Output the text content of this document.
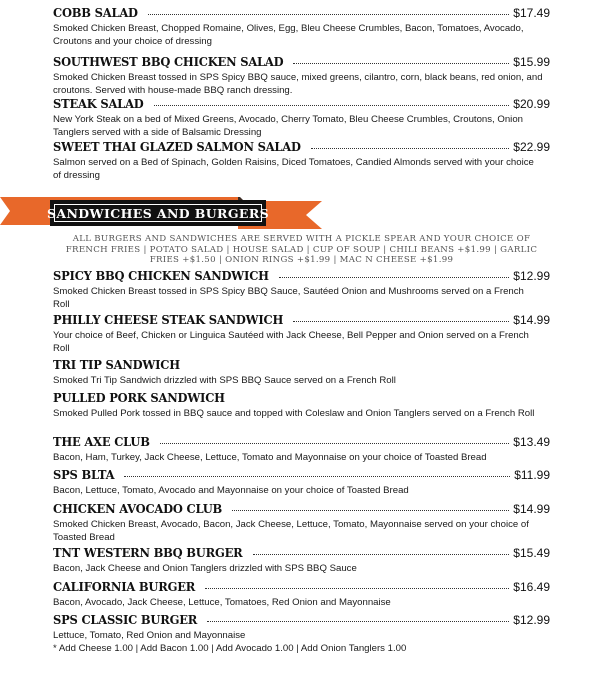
COBB SALAD	$17.49
Smoked Chicken Breast, Chopped Romaine, Olives, Egg, Bleu Cheese Crumbles, Bacon, Tomatoes, Avocado, Croutons and your choice of dressing
SOUTHWEST BBQ CHICKEN SALAD	$15.99
Smoked Chicken Breast tossed in SPS Spicy BBQ sauce, mixed greens, cilantro, corn, black beans, red onion, and croutons. Served with house-made BBQ ranch dressing.
STEAK SALAD	$20.99
New York Steak on a bed of Mixed Greens, Avocado, Cherry Tomato, Bleu Cheese Crumbles, Croutons, Onion Tanglers served with a side of Balsamic Dressing
SWEET THAI GLAZED SALMON SALAD	$22.99
Salmon served on a Bed of Spinach, Golden Raisins, Diced Tomatoes, Candied Almonds served with your choice of dressing
SANDWICHES AND BURGERS
ALL BURGERS AND SANDWICHES ARE SERVED WITH A PICKLE SPEAR AND YOUR CHOICE OF FRENCH FRIES | POTATO SALAD | HOUSE SALAD | CUP OF SOUP | CHILI BEANS +$1.99 | GARLIC FRIES +$1.50 | ONION RINGS +$1.99 | MAC N CHEESE +$1.99
SPICY BBQ CHICKEN SANDWICH	$12.99
Smoked Chicken Breast tossed in SPS Spicy BBQ Sauce, Sautéed Onion and Mushrooms served on a French Roll
PHILLY CHEESE STEAK SANDWICH	$14.99
Your choice of Beef, Chicken or Linguica Sautéed with Jack Cheese, Bell Pepper and Onion served on a French Roll
TRI TIP SANDWICH
Smoked Tri Tip Sandwich drizzled with SPS BBQ Sauce served on a French Roll
PULLED PORK SANDWICH
Smoked Pulled Pork tossed in BBQ sauce and topped with Coleslaw and Onion Tanglers served on a French Roll
THE AXE CLUB	$13.49
Bacon, Ham, Turkey, Jack Cheese, Lettuce, Tomato and Mayonnaise on your choice of Toasted Bread
SPS BLTA	$11.99
Bacon, Lettuce, Tomato, Avocado and Mayonnaise on your choice of Toasted Bread
CHICKEN AVOCADO CLUB	$14.99
Smoked Chicken Breast, Avocado, Bacon, Jack Cheese, Lettuce, Tomato, Mayonnaise served on your choice of Toasted Bread
TNT WESTERN BBQ BURGER	$15.49
Bacon, Jack Cheese and Onion Tanglers drizzled with SPS BBQ Sauce
CALIFORNIA BURGER	$16.49
Bacon, Avocado, Jack Cheese, Lettuce, Tomatoes, Red Onion and Mayonnaise
SPS CLASSIC BURGER	$12.99
Lettuce, Tomato, Red Onion and Mayonnaise
* Add Cheese 1.00 | Add Bacon 1.00 | Add Avocado 1.00 | Add Onion Tanglers 1.00
